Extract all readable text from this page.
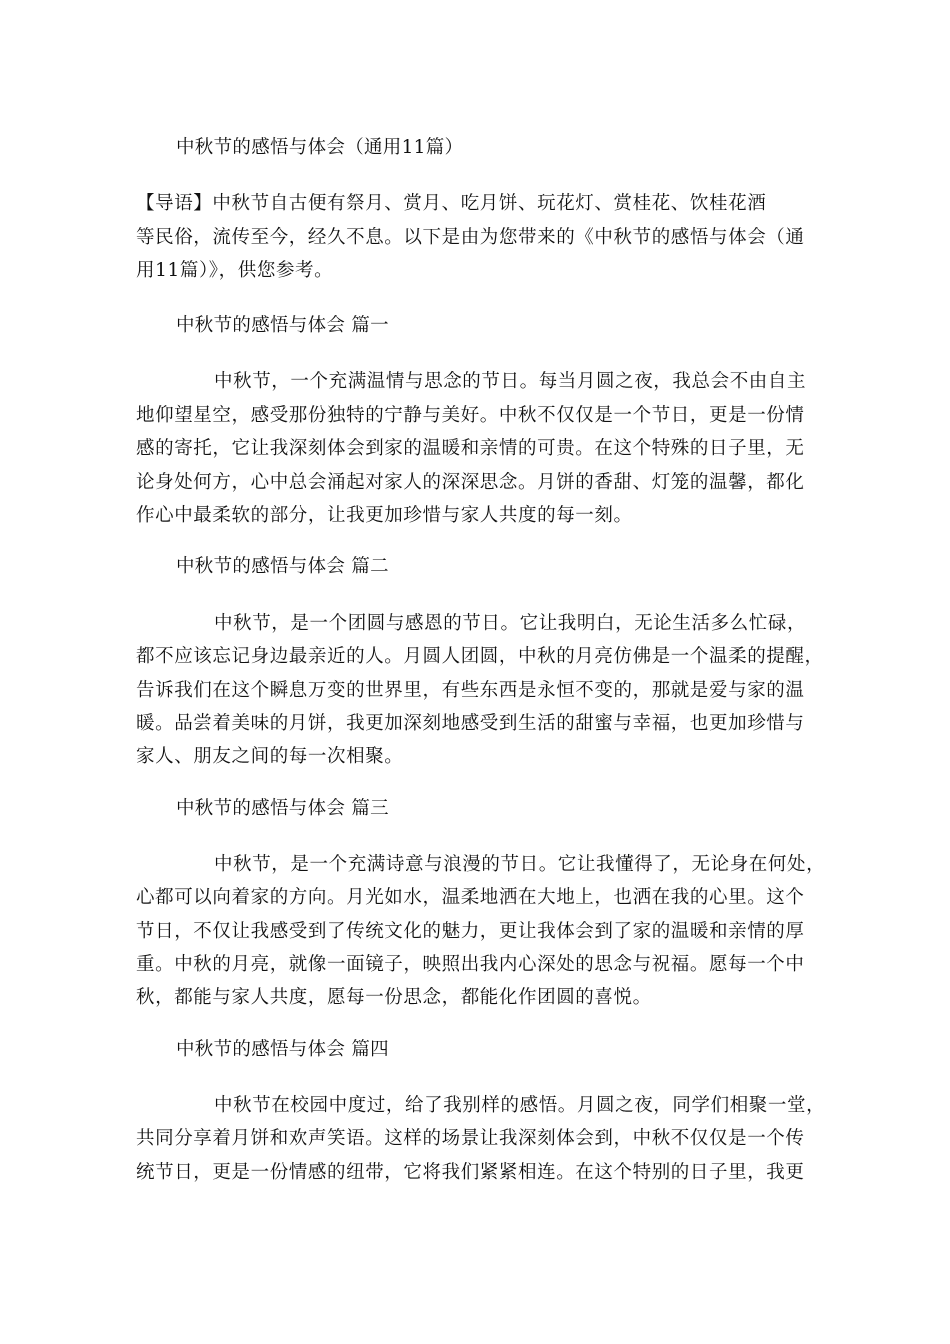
中秋节的感悟与体会（通用11篇）
【导语】中秋节自古便有祭月、赏月、吃月饼、玩花灯、赏桂花、饮桂花酒
等民俗，流传至今，经久不息。以下是由为您带来的《中秋节的感悟与体会（通
用11篇）》，供您参考。
中秋节的感悟与体会 篇一
中秋节，一个充满温情与思念的节日。每当月圆之夜，我总会不由自主
地仰望星空，感受那份独特的宁静与美好。中秋不仅仅是一个节日，更是一份情
感的寄托，它让我深刻体会到家的温暖和亲情的可贵。在这个特殊的日子里，无
论身处何方，心中总会涌起对家人的深深思念。月饼的香甜、灯笼的温馨，都化
作心中最柔软的部分，让我更加珍惜与家人共度的每一刻。
中秋节的感悟与体会 篇二
中秋节，是一个团圆与感恩的节日。它让我明白，无论生活多么忙碌，
都不应该忘记身边最亲近的人。月圆人团圆，中秋的月亮仿佛是一个温柔的提醒，
告诉我们在这个瞬息万变的世界里，有些东西是永恒不变的，那就是爱与家的温
暖。品尝着美味的月饼，我更加深刻地感受到生活的甜蜜与幸福，也更加珍惜与
家人、朋友之间的每一次相聚。
中秋节的感悟与体会 篇三
中秋节，是一个充满诗意与浪漫的节日。它让我懂得了，无论身在何处，
心都可以向着家的方向。月光如水，温柔地洒在大地上，也洒在我的心里。这个
节日，不仅让我感受到了传统文化的魅力，更让我体会到了家的温暖和亲情的厚
重。中秋的月亮，就像一面镜子，映照出我内心深处的思念与祝福。愿每一个中
秋，都能与家人共度，愿每一份思念，都能化作团圆的喜悦。
中秋节的感悟与体会 篇四
中秋节在校园中度过，给了我别样的感悟。月圆之夜，同学们相聚一堂，
共同分享着月饼和欢声笑语。这样的场景让我深刻体会到，中秋不仅仅是一个传
统节日，更是一份情感的纽带，它将我们紧紧相连。在这个特别的日子里，我更
